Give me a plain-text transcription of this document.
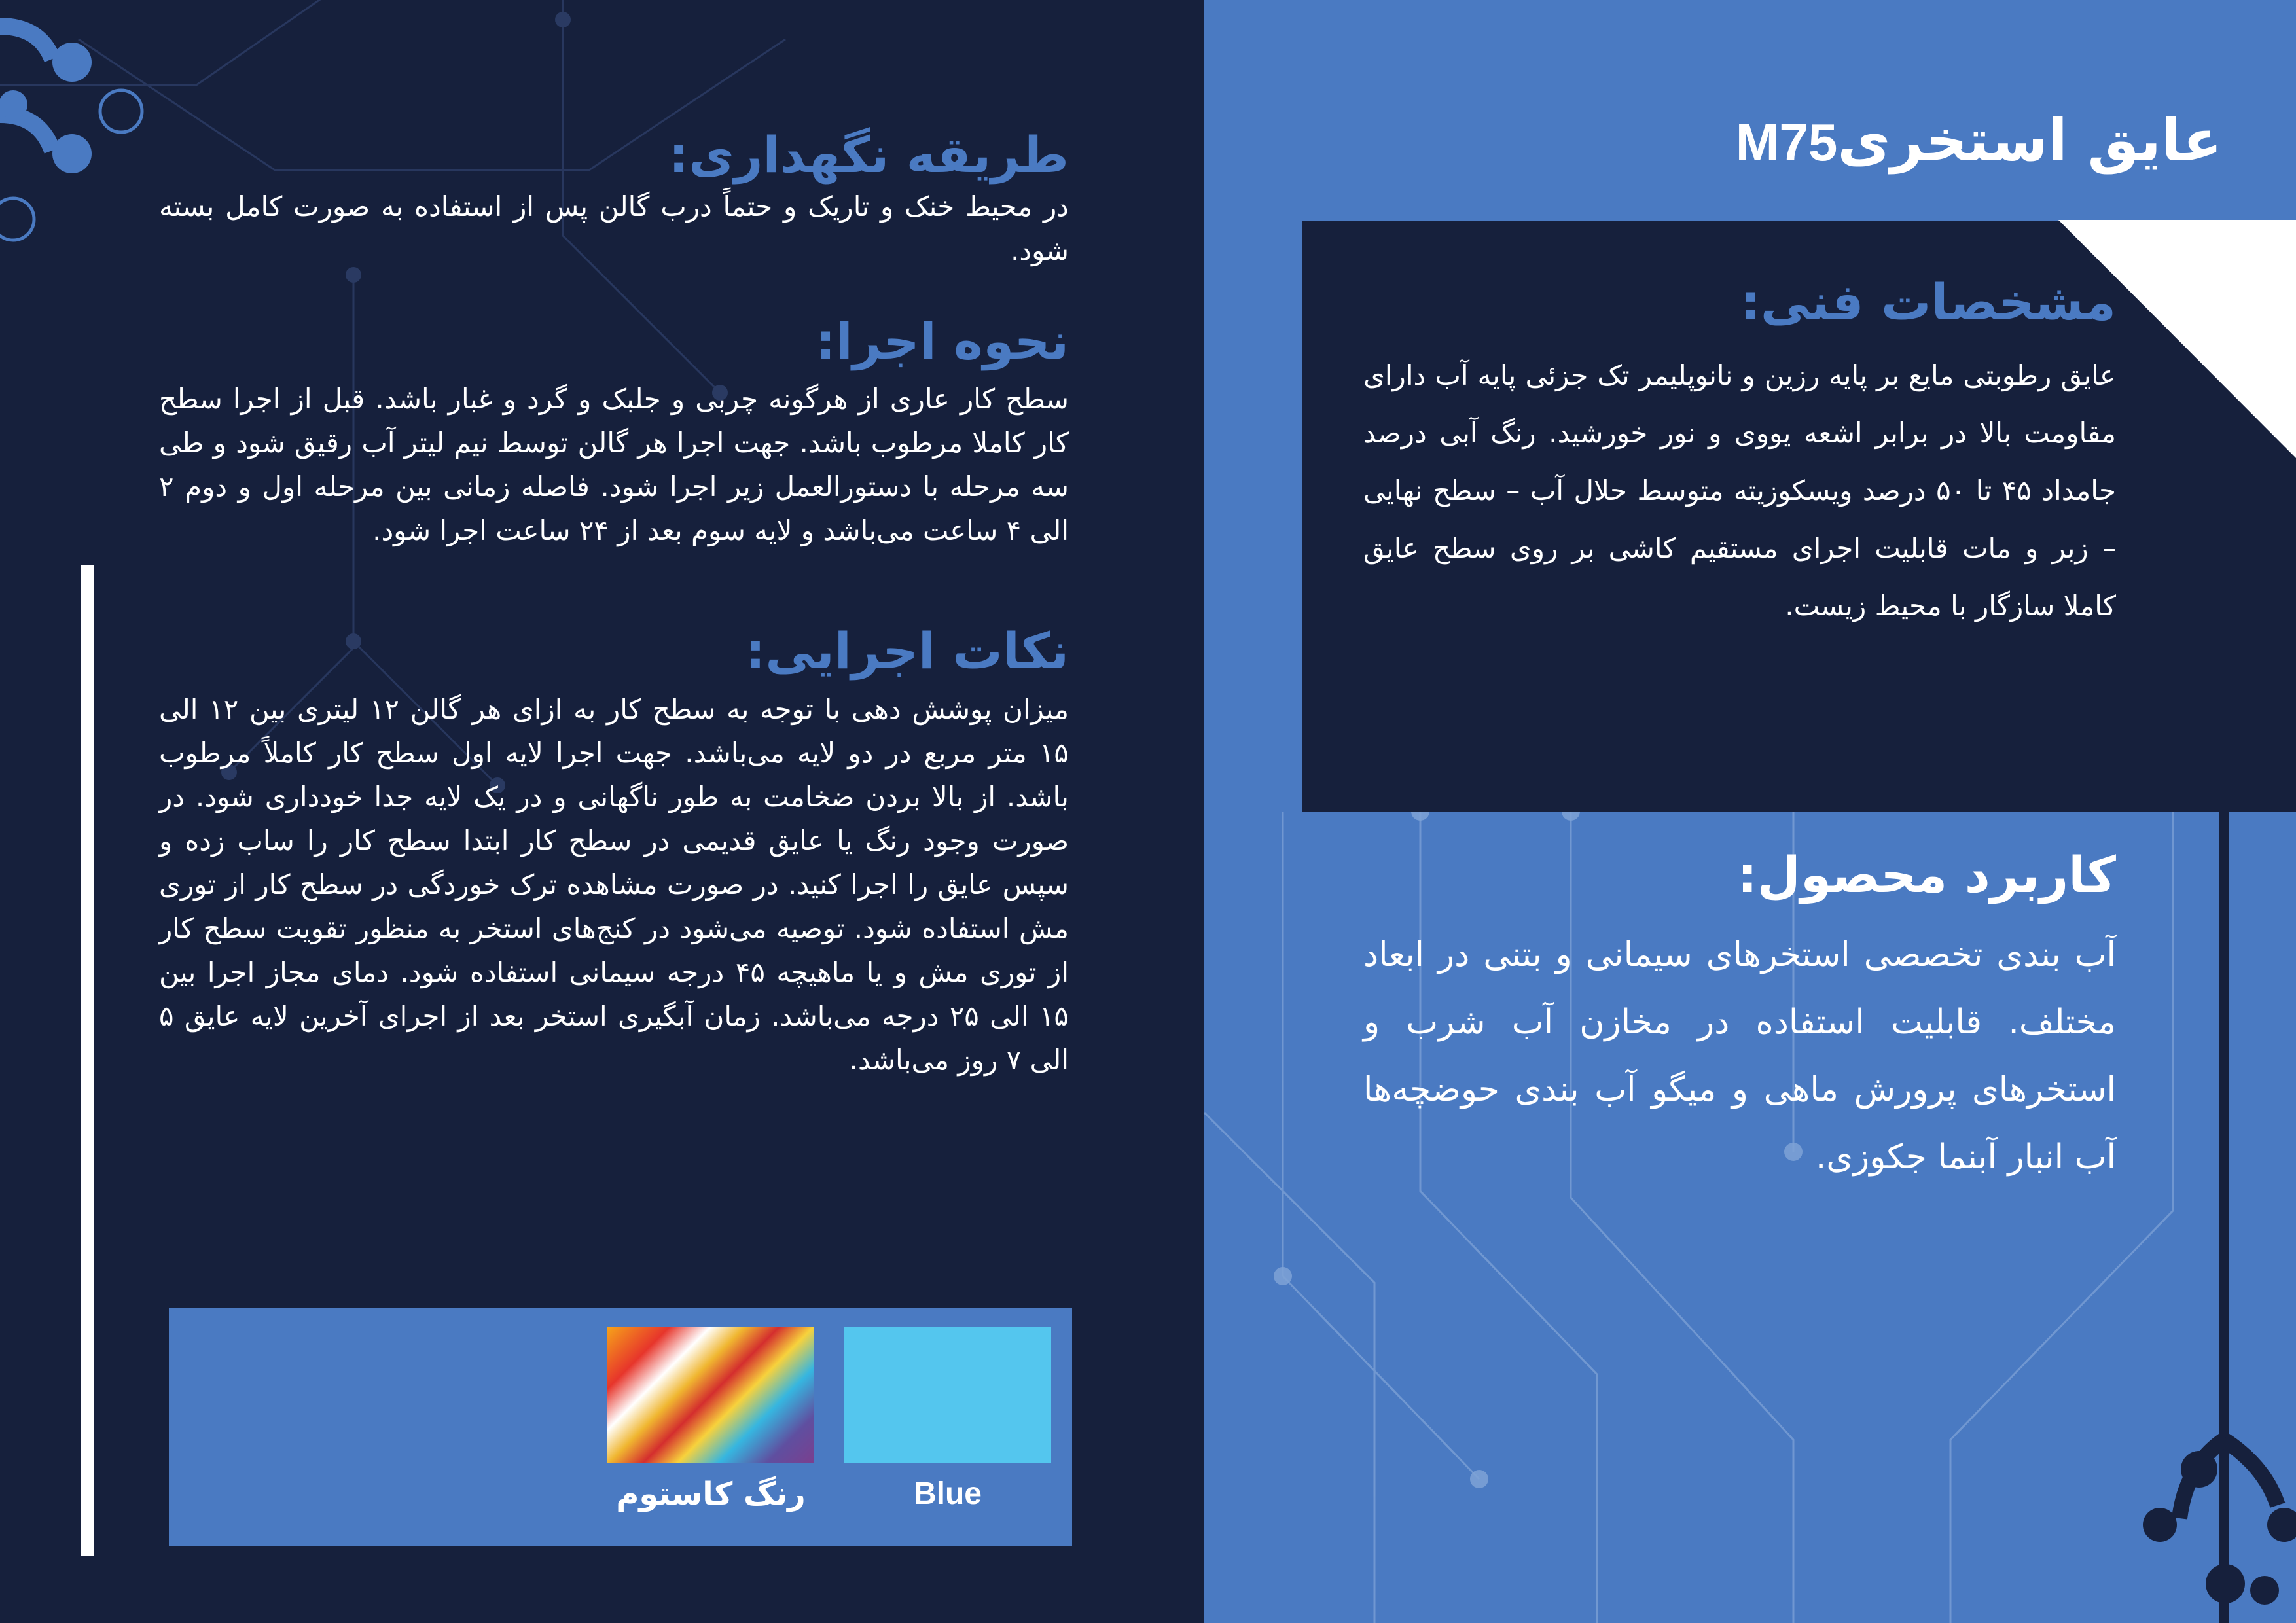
M75عایق استخری
طریقه نگهداری:
در محیط خنک و تاریک و حتماً درب گالن پس از استفاده به صورت کامل بسته شود.
نحوه اجرا:
سطح کار عاری از هرگونه چربی و جلبک و گرد و غبار باشد. قبل از اجرا سطح کار کاملا مرطوب باشد. جهت اجرا هر گالن توسط نیم لیتر آب رقیق شود و طی سه مرحله با دستورالعمل زیر اجرا شود. فاصله زمانی بین مرحله اول و دوم ۲ الی ۴ ساعت می‌باشد و لایه سوم بعد از ۲۴ ساعت اجرا شود.
نکات اجرایی:
میزان پوشش دهی با توجه به سطح کار به ازای هر گالن ۱۲ لیتری بین ۱۲ الی ۱۵ متر مربع در دو لایه می‌باشد. جهت اجرا لایه اول سطح کار کاملاً مرطوب باشد. از بالا بردن ضخامت به طور ناگهانی و در یک لایه جدا خودداری شود. در صورت وجود رنگ یا عایق قدیمی در سطح کار ابتدا سطح کار را ساب زده و سپس عایق را اجرا کنید. در صورت مشاهده ترک خوردگی در سطح کار از توری مش استفاده شود. توصیه می‌شود در کنج‌های استخر به منظور تقویت سطح کار از توری مش و یا ماهیچه ۴۵ درجه سیمانی استفاده شود. دمای مجاز اجرا بین ۱۵ الی ۲۵ درجه می‌باشد. زمان آبگیری استخر بعد از اجرای آخرین لایه عایق ۵ الی ۷ روز می‌باشد.
Blue
رنگ کاستوم
مشخصات فنی:
عایق رطوبتی مایع بر پایه رزین و نانوپلیمر تک جزئی پایه آب دارای مقاومت بالا در برابر اشعه یووی و نور خورشید. رنگ آبی درصد جامداد ۴۵ تا ۵۰ درصد ویسکوزیته متوسط حلال آب – سطح نهایی – زبر و مات قابلیت اجرای مستقیم کاشی بر روی سطح عایق کاملا سازگار با محیط زیست.
کاربرد محصول:
آب بندی تخصصی استخرهای سیمانی و بتنی در ابعاد مختلف. قابلیت استفاده در مخازن آب شرب و استخرهای پرورش ماهی و میگو آب بندی حوضچه‌ها آب انبار آبنما جکوزی.
